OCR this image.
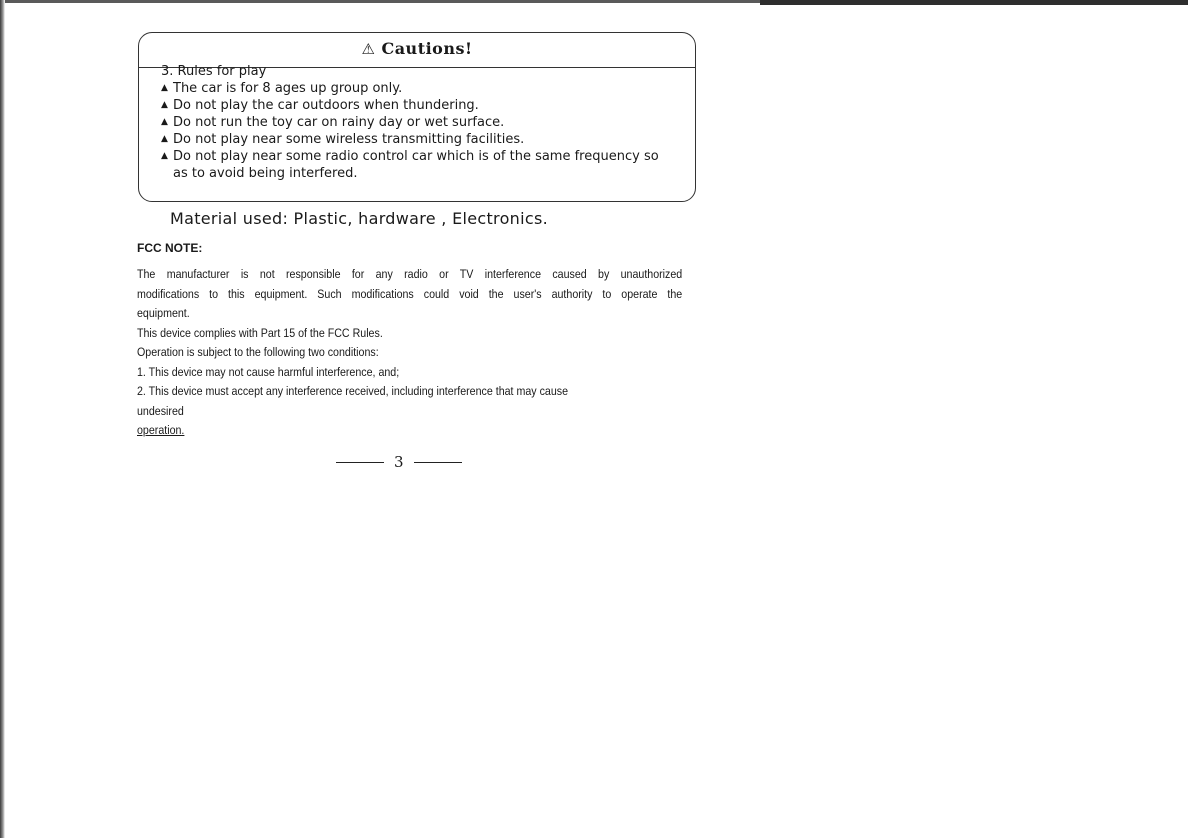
⚠ Cautions!
3. Rules for play
▲ The car is for 8 ages up group only.
▲ Do not play the car outdoors when thundering.
▲ Do not run the toy car on rainy day or wet surface.
▲ Do not play near some wireless transmitting facilities.
▲ Do not play near some radio control car which is of the same frequency so
as to avoid being interfered.
Material used: Plastic, hardware , Electronics.
FCC NOTE:

The manufacturer is not responsible for any radio or TV interference caused by unauthorized

modifications to this equipment. Such modifications could void the user's authority to operate the

equipment.

This device complies with Part 15 of the FCC Rules.

Operation is subject to the following two conditions:

1. This device may not cause harmful interference, and;

2. This device must accept any interference received, including interference that may cause undesired

operation.

3
